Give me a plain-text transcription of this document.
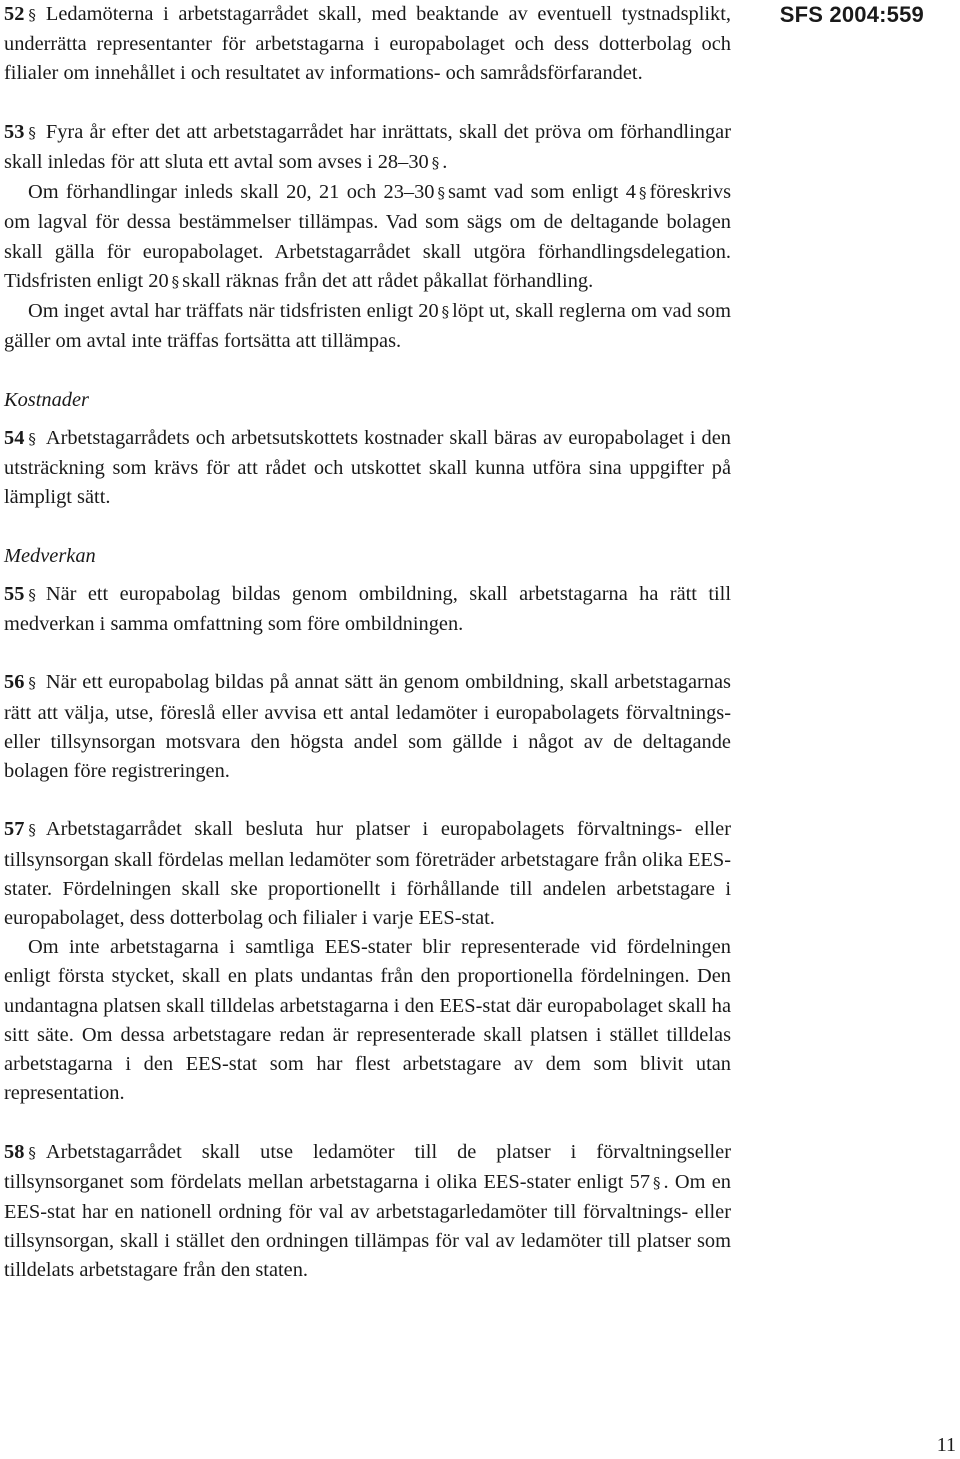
SFS 2004:559

52 § Ledamöterna i arbetstagarrådet skall, med beaktande av eventuell tystnadsplikt, underrätta representanter för arbetstagarna i europabolaget och dess dotterbolag och filialer om innehållet i och resultatet av informations- och samrådsförfarandet.

53 § Fyra år efter det att arbetstagarrådet har inrättats, skall det pröva om förhandlingar skall inledas för att sluta ett avtal som avses i 28–30 § .

Om förhandlingar inleds skall 20, 21 och 23–30 § samt vad som enligt 4 § föreskrivs om lagval för dessa bestämmelser tillämpas. Vad som sägs om de deltagande bolagen skall gälla för europabolaget. Arbetstagarrådet skall utgöra förhandlingsdelegation. Tidsfristen enligt 20 § skall räknas från det att rådet påkallat förhandling.

Om inget avtal har träffats när tidsfristen enligt 20 § löpt ut, skall reglerna om vad som gäller om avtal inte träffas fortsätta att tillämpas.

Kostnader

54 § Arbetstagarrådets och arbetsutskottets kostnader skall bäras av europabolaget i den utsträckning som krävs för att rådet och utskottet skall kunna utföra sina uppgifter på lämpligt sätt.

Medverkan

55 § När ett europabolag bildas genom ombildning, skall arbetstagarna ha rätt till medverkan i samma omfattning som före ombildningen.

56 § När ett europabolag bildas på annat sätt än genom ombildning, skall arbetstagarnas rätt att välja, utse, föreslå eller avvisa ett antal ledamöter i europabolagets förvaltnings- eller tillsynsorgan motsvara den högsta andel som gällde i något av de deltagande bolagen före registreringen.

57 § Arbetstagarrådet skall besluta hur platser i europabolagets förvaltnings- eller tillsynsorgan skall fördelas mellan ledamöter som företräder arbetstagare från olika EES-stater. Fördelningen skall ske proportionellt i förhållande till andelen arbetstagare i europabolaget, dess dotterbolag och filialer i varje EES-stat.

Om inte arbetstagarna i samtliga EES-stater blir representerade vid fördelningen enligt första stycket, skall en plats undantas från den proportionella fördelningen. Den undantagna platsen skall tilldelas arbetstagarna i den EES-stat där europabolaget skall ha sitt säte. Om dessa arbetstagare redan är representerade skall platsen i stället tilldelas arbetstagarna i den EES-stat som har flest arbetstagare av dem som blivit utan representation.

58 § Arbetstagarrådet skall utse ledamöter till de platser i förvaltningseller tillsynsorganet som fördelats mellan arbetstagarna i olika EES-stater enligt 57 § . Om en EES-stat har en nationell ordning för val av arbetstagarledamöter till förvaltnings- eller tillsynsorgan, skall i stället den ordningen tillämpas för val av ledamöter till platser som tilldelats arbetstagare från den staten.

11
